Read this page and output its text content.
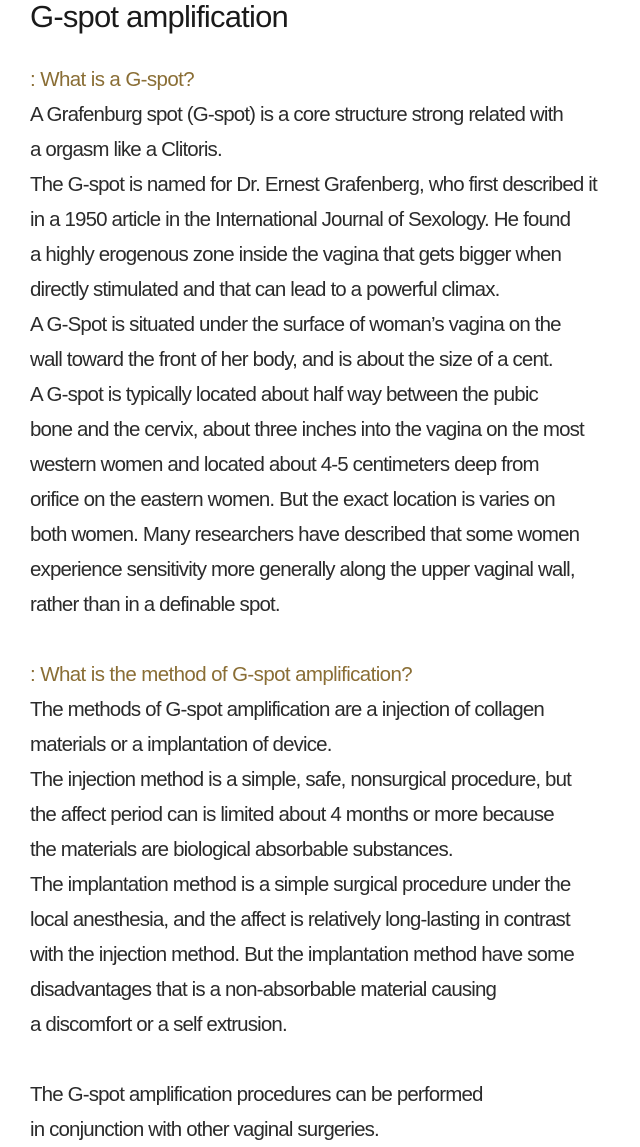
G-spot amplification

: What is a G-spot?

A Grafenburg spot (G-spot) is a core structure strong related with
a orgasm like a Clitoris.

The G-spot is named for Dr. Ernest Grafenberg, who first described it
in a 1950 article in the International Journal of Sexology. He found
a highly erogenous zone inside the vagina that gets bigger when
directly stimulated and that can lead to a powerful climax.

A G-Spot is situated under the surface of woman’s vagina on the
wall toward the front of her body, and is about the size of a cent.

A G-spot is typically located about half way between the pubic
bone and the cervix, about three inches into the vagina on the most
western women and located about 4-5 centimeters deep from
orifice on the eastern women. But the exact location is varies on
both women. Many researchers have described that some women
experience sensitivity more generally along the upper vaginal wall,
rather than in a definable spot.

: What is the method of G-spot amplification?

The methods of G-spot amplification are a injection of collagen
materials or a implantation of device.

The injection method is a simple, safe, nonsurgical procedure, but
the affect period can is limited about 4 months or more because
the materials are biological absorbable substances.

The implantation method is a simple surgical procedure under the
local anesthesia, and the affect is relatively long-lasting in contrast
with the injection method. But the implantation method have some
disadvantages that is a non-absorbable material causing
a discomfort or a self extrusion.

The G-spot amplification procedures can be performed
in conjunction with other vaginal surgeries.
